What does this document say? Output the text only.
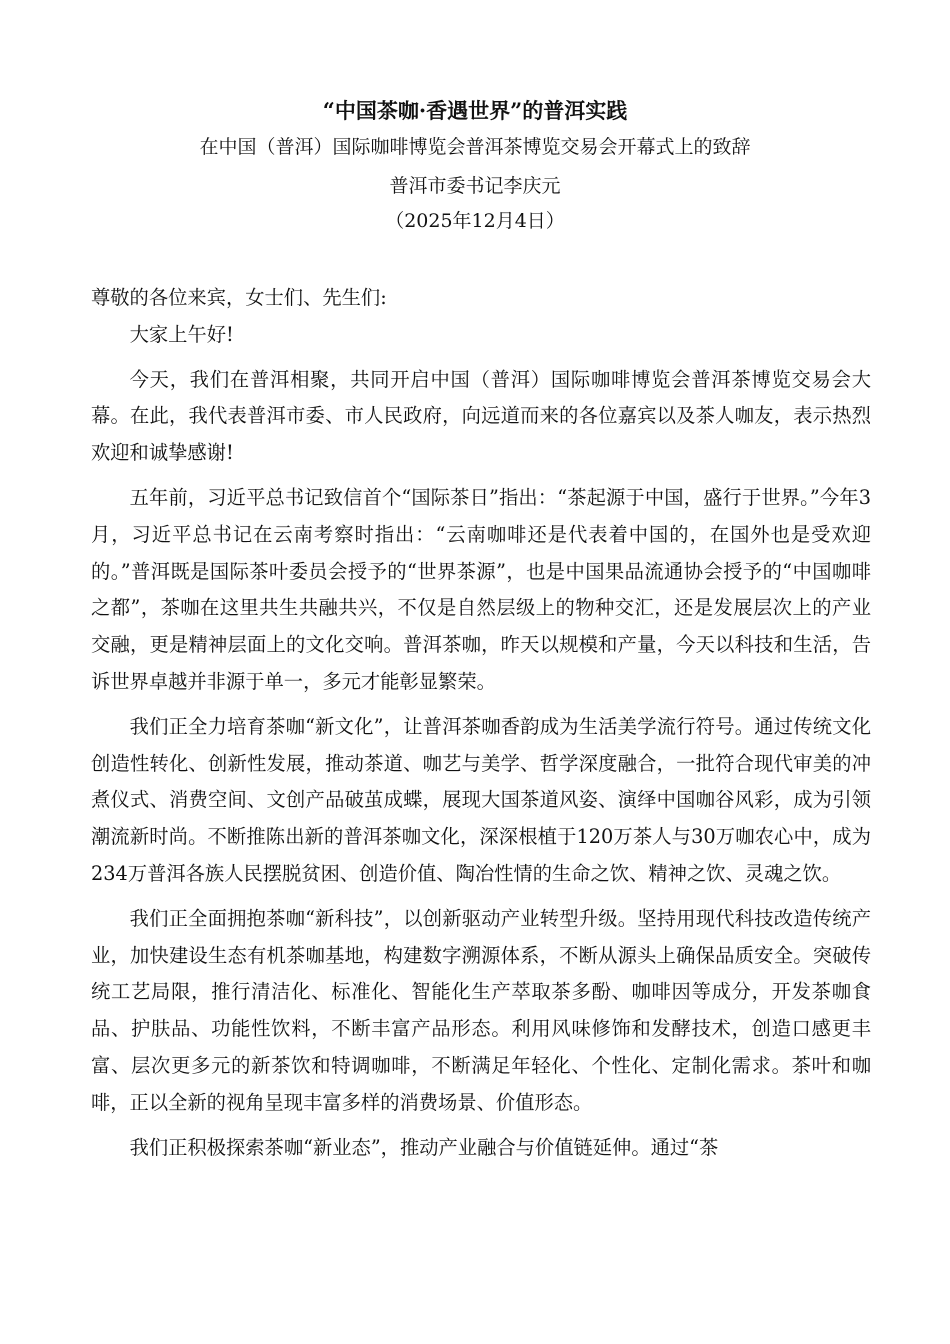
“中国茶咖·香遇世界”的普洱实践
在中国（普洱）国际咖啡博览会普洱茶博览交易会开幕式上的致辞
普洱市委书记李庆元
（2025年12月4日）

尊敬的各位来宾，女士们、先生们:

大家上午好!

今天，我们在普洱相聚，共同开启中国（普洱）国际咖啡博览会普洱茶博览交易会大幕。在此，我代表普洱市委、市人民政府，向远道而来的各位嘉宾以及茶人咖友，表示热烈欢迎和诚挚感谢!

五年前，习近平总书记致信首个“国际茶日”指出：“茶起源于中国，盛行于世界。”今年3月，习近平总书记在云南考察时指出：“云南咖啡还是代表着中国的，在国外也是受欢迎的。”普洱既是国际茶叶委员会授予的“世界茶源”，也是中国果品流通协会授予的“中国咖啡之都”，茶咖在这里共生共融共兴，不仅是自然层级上的物种交汇，还是发展层次上的产业交融，更是精神层面上的文化交响。普洱茶咖，昨天以规模和产量，今天以科技和生活，告诉世界卓越并非源于单一，多元才能彰显繁荣。

我们正全力培育茶咖“新文化”，让普洱茶咖香韵成为生活美学流行符号。通过传统文化创造性转化、创新性发展，推动茶道、咖艺与美学、哲学深度融合，一批符合现代审美的冲煮仪式、消费空间、文创产品破茧成蝶，展现大国茶道风姿、演绎中国咖谷风彩，成为引领潮流新时尚。不断推陈出新的普洱茶咖文化，深深根植于120万茶人与30万咖农心中，成为234万普洱各族人民摆脱贫困、创造价值、陶冶性情的生命之饮、精神之饮、灵魂之饮。

我们正全面拥抱茶咖“新科技”，以创新驱动产业转型升级。坚持用现代科技改造传统产业，加快建设生态有机茶咖基地，构建数字溯源体系，不断从源头上确保品质安全。突破传统工艺局限，推行清洁化、标准化、智能化生产萃取茶多酚、咖啡因等成分，开发茶咖食品、护肤品、功能性饮料，不断丰富产品形态。利用风味修饰和发酵技术，创造口感更丰富、层次更多元的新茶饮和特调咖啡，不断满足年轻化、个性化、定制化需求。茶叶和咖啡，正以全新的视角呈现丰富多样的消费场景、价值形态。

我们正积极探索茶咖“新业态”，推动产业融合与价值链延伸。通过“茶
